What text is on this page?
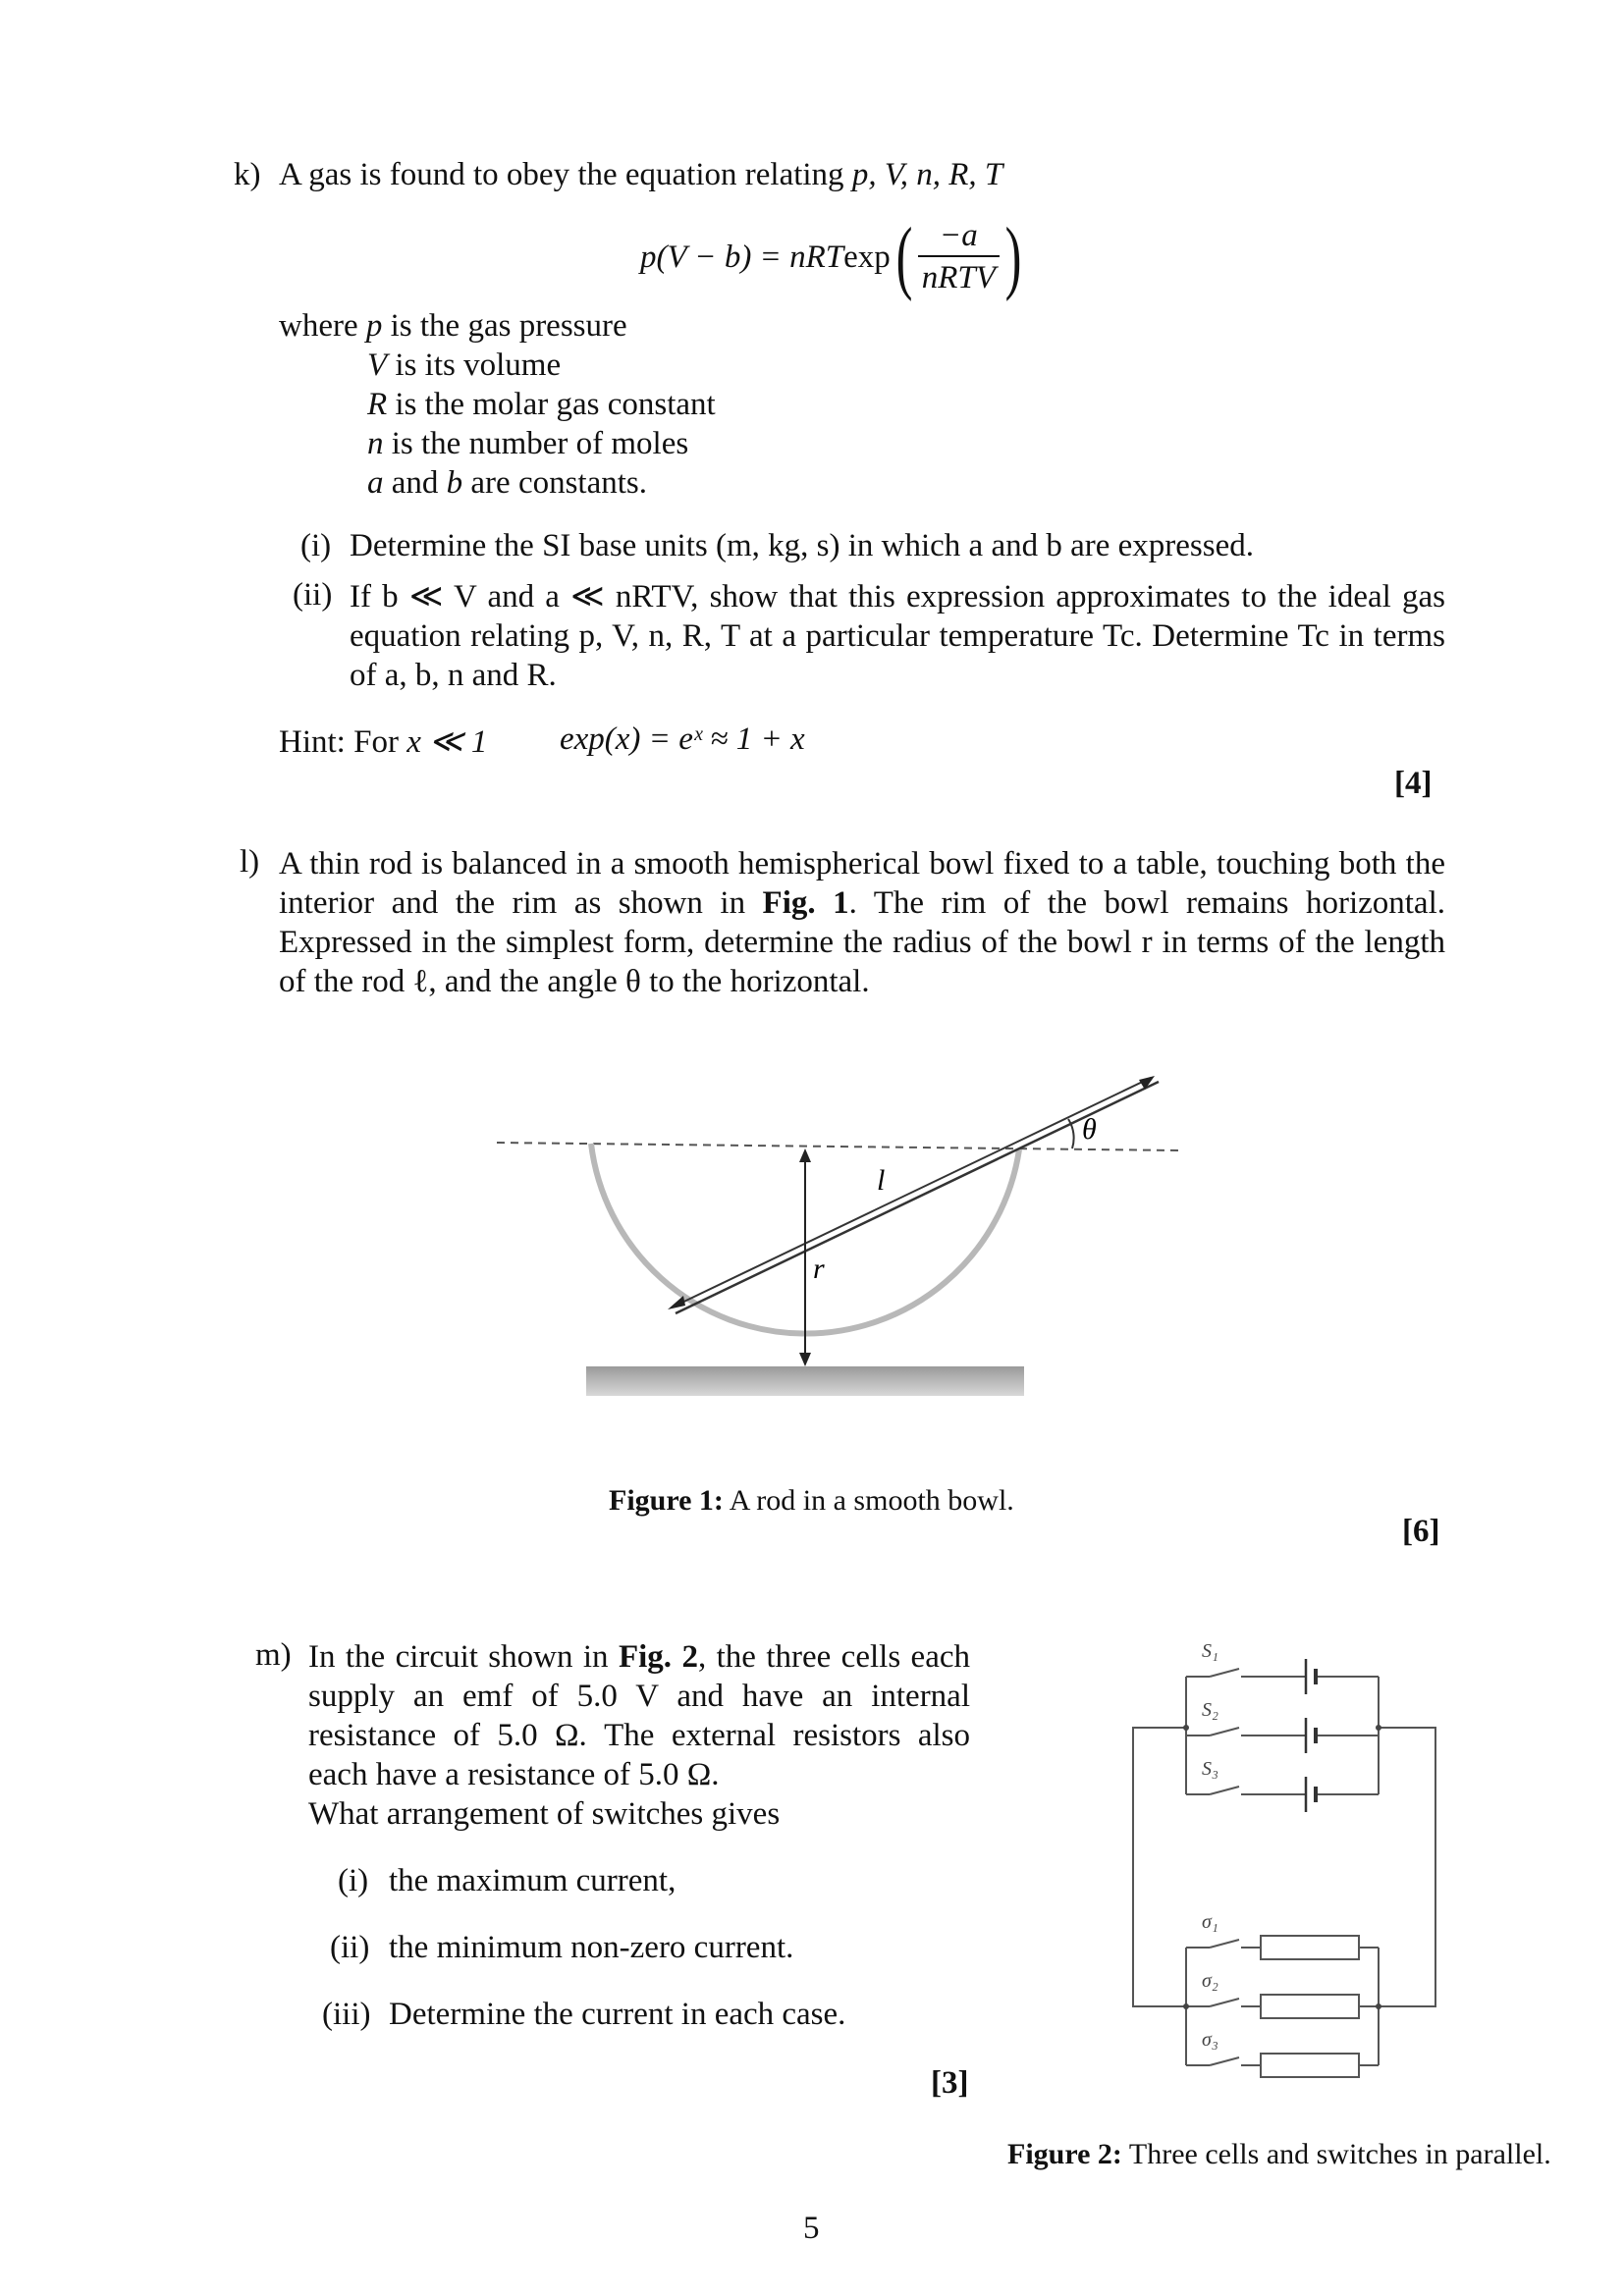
k) A gas is found to obey the equation relating p, V, n, R, T
p(V − b) = nRT exp ( $\frac{-a}{\text{nRTV}}$ )
where p is the gas pressure
V is its volume
R is the molar gas constant
n is the number of moles
a and b are constants.
(i) Determine the SI base units (m, kg, s) in which a and b are expressed.
(ii) If b ≪ V and a ≪ nRTV, show that this expression approximates to the ideal gas equation relating p, V, n, R, T at a particular temperature Tc. Determine Tc in terms of a, b, n and R.
Hint: For x ≪ 1 exp(x) = eˣ ≈ 1 + x
[4]
l) A thin rod is balanced in a smooth hemispherical bowl fixed to a table, touching both the interior and the rim as shown in Fig. 1. The rim of the bowl remains horizontal. Expressed in the simplest form, determine the radius of the bowl r in terms of the length of the rod ℓ, and the angle θ to the horizontal.
θ
l
r
Figure 1: A rod in a smooth bowl.
[6]
m) In the circuit shown in Fig. 2, the three cells each supply an emf of 5.0 V and have an internal resistance of 5.0 Ω. The external resistors also each have a resistance of 5.0 Ω.
What arrangement of switches gives
(i) the maximum current,
(ii) the minimum non-zero current.
(iii) Determine the current in each case.
[3]
S₁
S₂
S₃
σ₁
σ₂
σ₃
Figure 2: Three cells and switches in parallel.
5
